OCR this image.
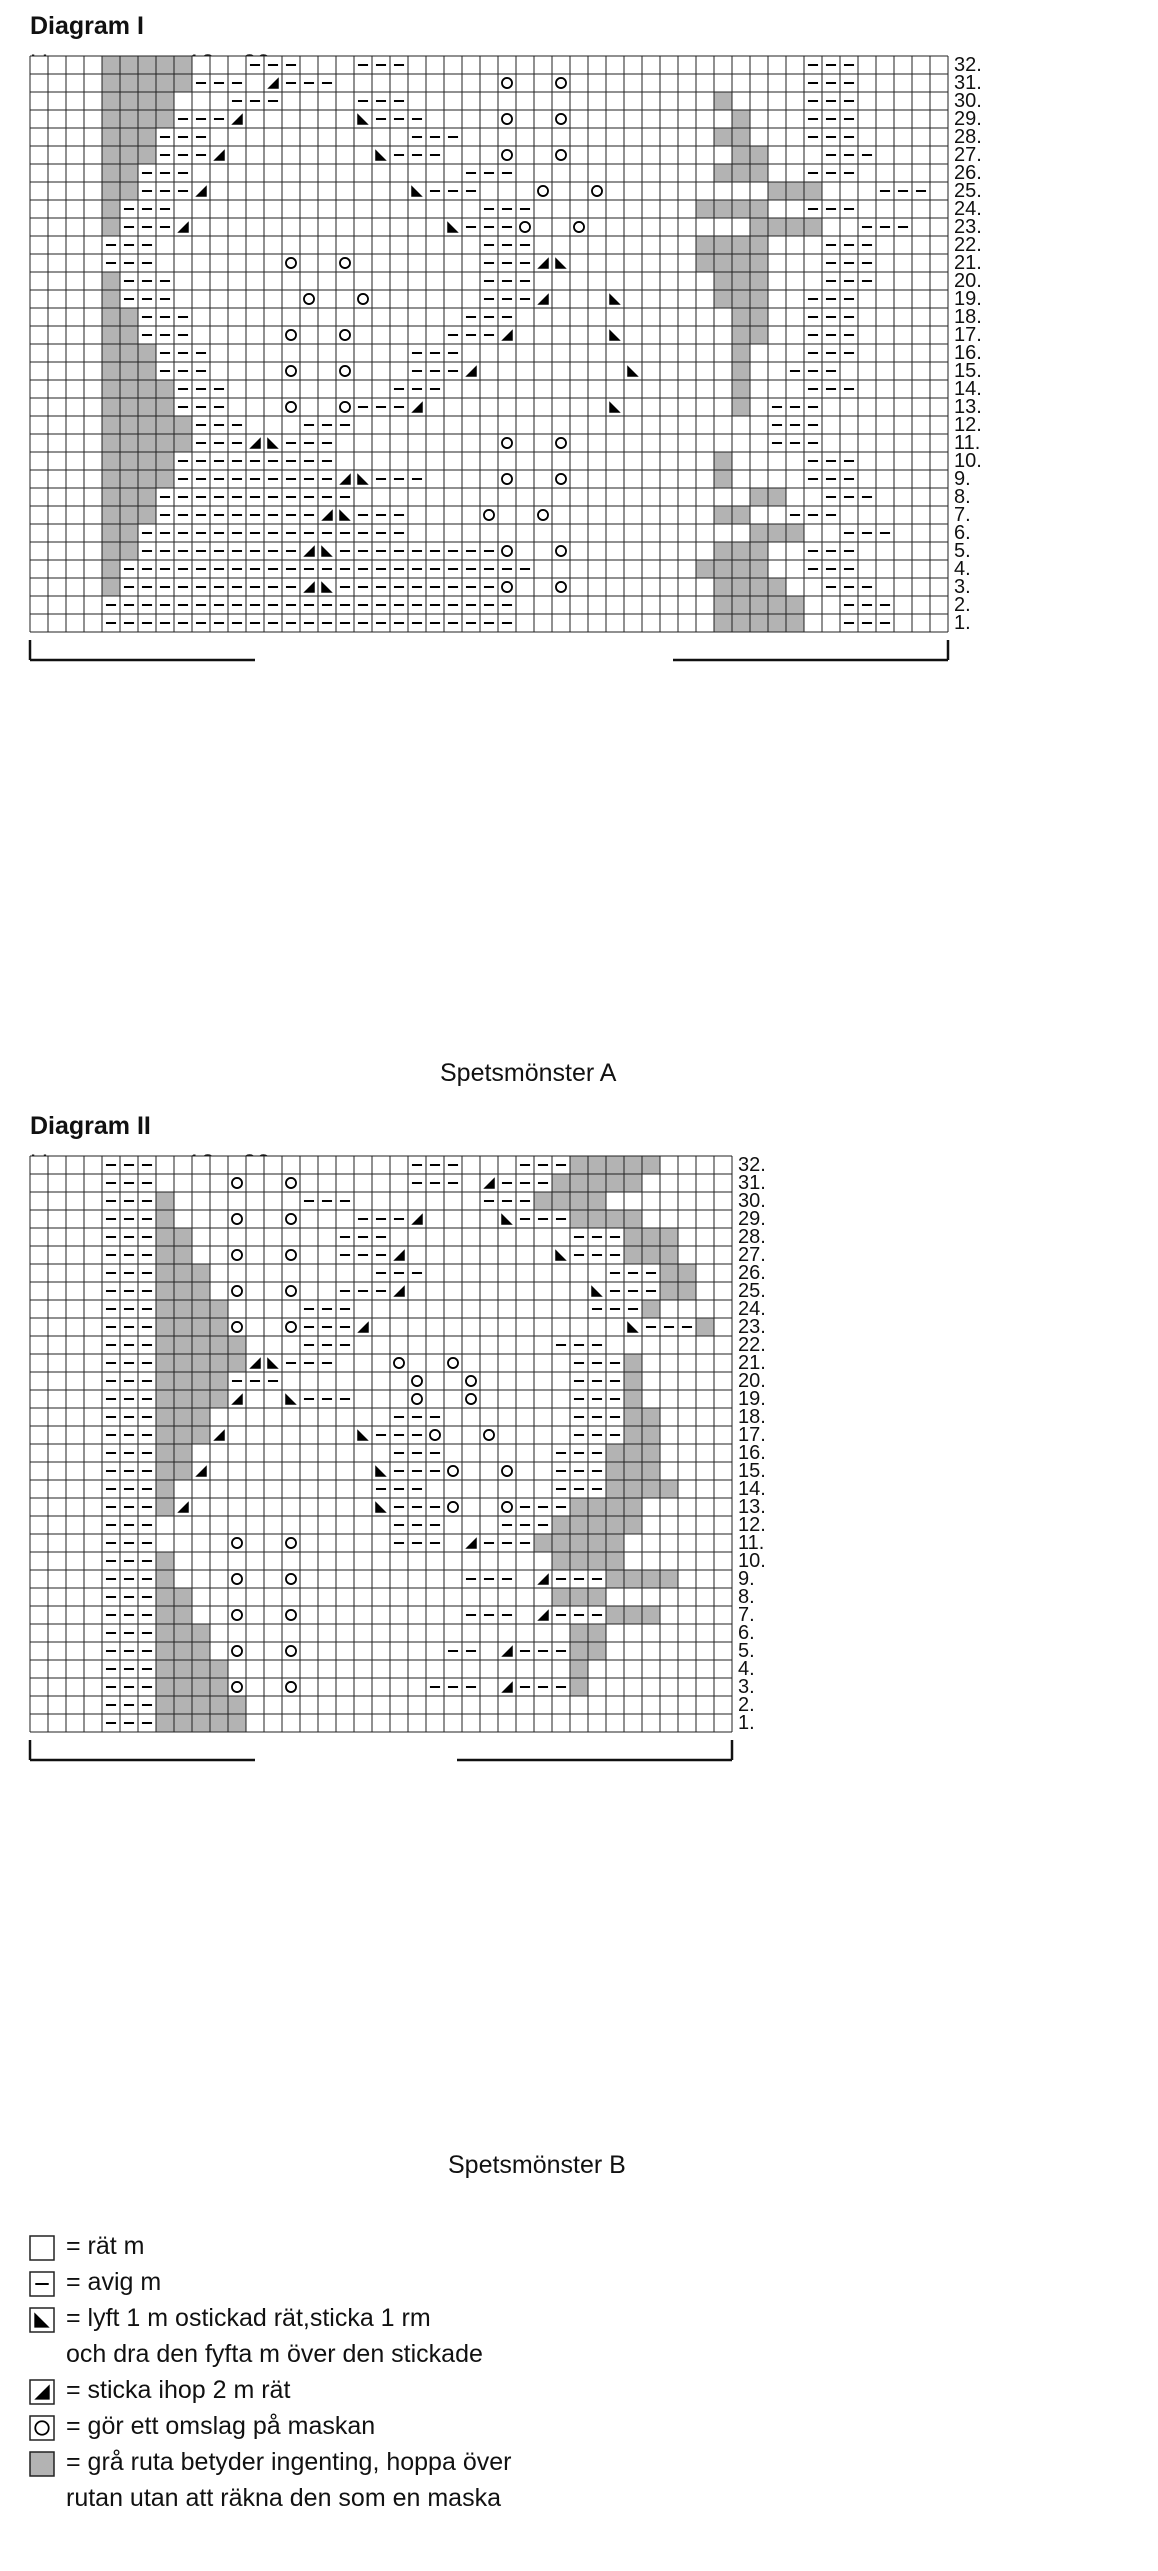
Diagram I
32.
31.
30.
29.
28.
27.
26.
25.
24.
23.
22.
21.
20.
19.
18.
17.
16.
15.
14.
13.
12.
11.
10.
9.
8.
7.
6.
5.
4.
3.
2.
1.
Spetsmönster A
Diagram II
32.
31.
30.
29.
28.
27.
26.
25.
24.
23.
22.
21.
20.
19.
18.
17.
16.
15.
14.
13.
12.
11.
10.
9.
8.
7.
6.
5.
4.
3.
2.
1.
Spetsmönster B
= rät m
= avig m
= lyft 1 m ostickad rät,sticka 1 rm
och dra den fyfta m över den stickade
= sticka ihop 2 m rät
= gör ett omslag på maskan
= grå ruta betyder ingenting, hoppa över
rutan utan att räkna den som en maska
